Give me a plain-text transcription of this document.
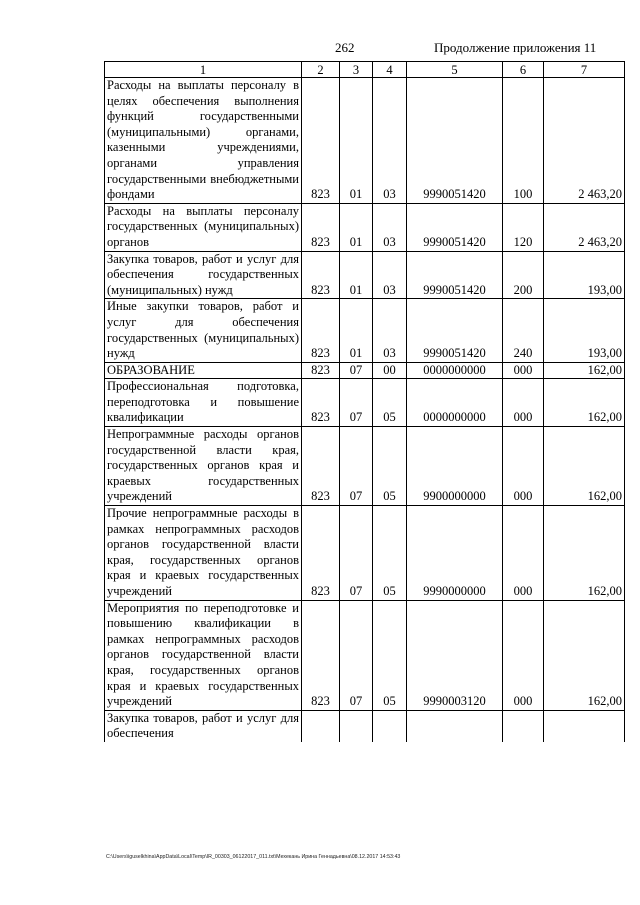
262	Продолжение приложения 11
1	2	3	4	5	6	7
Расходы на выплаты персоналу в целях обеспечения выполнения функций государственными (муниципальными) органами, казенными учреждениями, органами управления государственными внебюджетными фондами	823	01	03	9990051420	100	2 463,20
Расходы на выплаты персоналу государственных (муниципальных) органов	823	01	03	9990051420	120	2 463,20
Закупка товаров, работ и услуг для обеспечения государственных (муниципальных) нужд	823	01	03	9990051420	200	193,00
Иные закупки товаров, работ и услуг для обеспечения государственных (муниципальных) нужд	823	01	03	9990051420	240	193,00
ОБРАЗОВАНИЕ	823	07	00	0000000000	000	162,00
Профессиональная подготовка, переподготовка и повышение квалификации	823	07	05	0000000000	000	162,00
Непрограммные расходы органов государственной власти края, государственных органов края и краевых государственных учреждений	823	07	05	9900000000	000	162,00
Прочие непрограммные расходы в рамках непрограммных расходов органов государственной власти края, государственных органов края и краевых государственных учреждений	823	07	05	9990000000	000	162,00
Мероприятия по переподготовке и повышению квалификации в рамках непрограммных расходов органов государственной власти края, государственных органов края и краевых государственных учреждений	823	07	05	9990003120	000	162,00
Закупка товаров, работ и услуг для обеспечения						
C:\Users\iguselkhina\AppData\Local\Temp\IR_00303_06122017_011.txt\Мехекань Ирина Геннадьевна\08.12.2017 14:53:43
